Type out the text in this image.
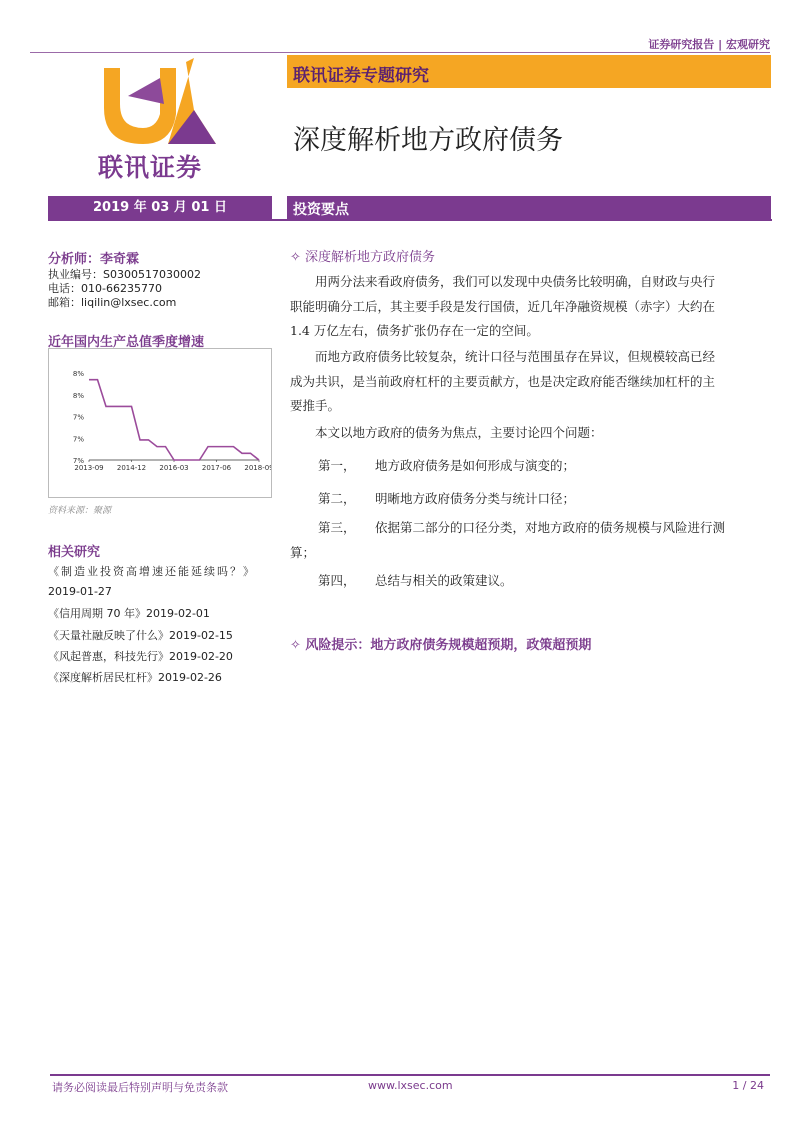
证券研究报告 | 宏观研究
联讯证券
联讯证券专题研究
深度解析地方政府债务
2019 年 03 月 01 日	投资要点
分析师：李奇霖
执业编号：S0300517030002
电话：010-66235770
邮箱：liqilin@lxsec.com
近年国内生产总值季度增速
8%
8%
7%
7%
7%
2013-09 2014-12 2016-03 2017-06 2018-09
资料来源：聚源
相关研究
《制造业投资高增速还能延续吗？》
2019-01-27
《信用周期 70 年》2019-02-01
《天量社融反映了什么》2019-02-15
《风起普惠，科技先行》2019-02-20
《深度解析居民杠杆》2019-02-26
✧ 深度解析地方政府债务
用两分法来看政府债务，我们可以发现中央债务比较明确，自财政与央行
职能明确分工后，其主要手段是发行国债，近几年净融资规模（赤字）大约在
1.4 万亿左右，债务扩张仍存在一定的空间。
而地方政府债务比较复杂，统计口径与范围虽存在异议，但规模较高已经
成为共识，是当前政府杠杆的主要贡献方，也是决定政府能否继续加杠杆的主
要推手。
本文以地方政府的债务为焦点，主要讨论四个问题：
第一， 地方政府债务是如何形成与演变的；
第二， 明晰地方政府债务分类与统计口径；
第三， 依据第二部分的口径分类，对地方政府的债务规模与风险进行测
算；
第四， 总结与相关的政策建议。
✧ 风险提示：地方政府债务规模超预期，政策超预期
请务必阅读最后特别声明与免责条款	www.lxsec.com	1 / 24
